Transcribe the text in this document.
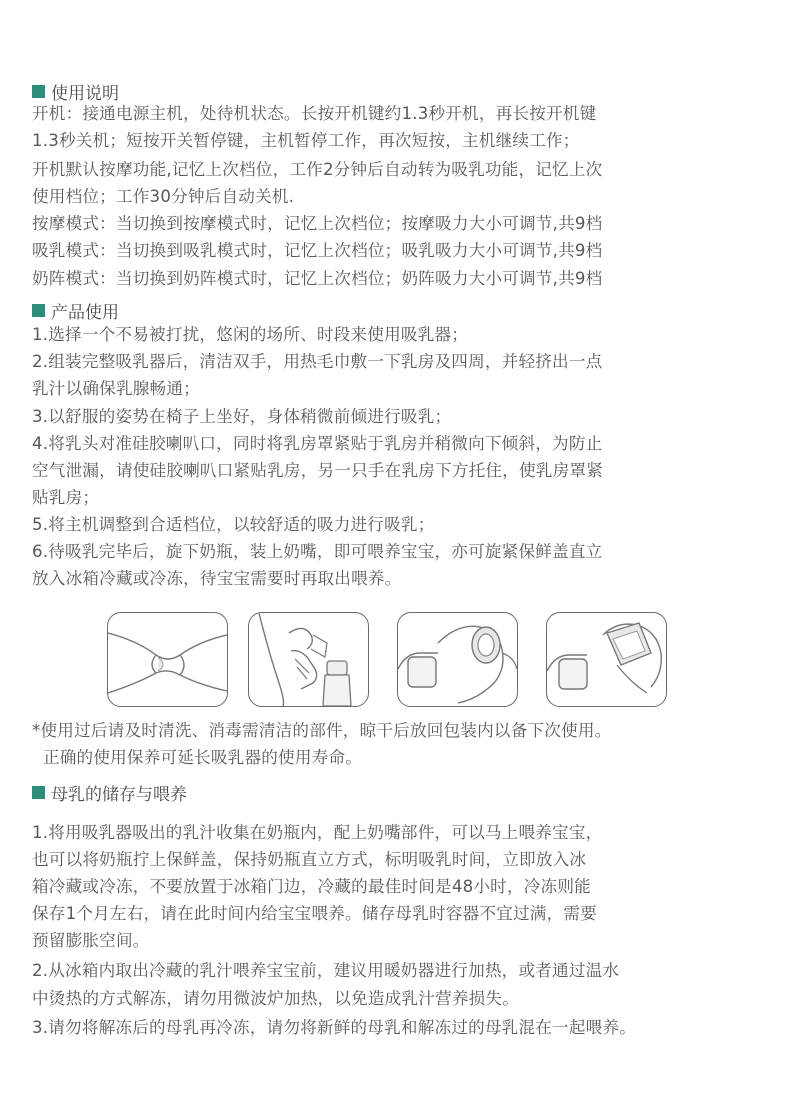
使用说明
开机：接通电源主机，处待机状态。长按开机键约1.3秒开机，再长按开机键
1.3秒关机；短按开关暂停键，主机暂停工作，再次短按，主机继续工作；
开机默认按摩功能,记忆上次档位，工作2分钟后自动转为吸乳功能，记忆上次
使用档位；工作30分钟后自动关机.
按摩模式：当切换到按摩模式时，记忆上次档位；按摩吸力大小可调节,共9档
吸乳模式：当切换到吸乳模式时，记忆上次档位；吸乳吸力大小可调节,共9档
奶阵模式：当切换到奶阵模式时，记忆上次档位；奶阵吸力大小可调节,共9档
产品使用
1.选择一个不易被打扰，悠闲的场所、时段来使用吸乳器；
2.组装完整吸乳器后，清洁双手，用热毛巾敷一下乳房及四周，并轻挤出一点
乳汁以确保乳腺畅通；
3.以舒服的姿势在椅子上坐好，身体稍微前倾进行吸乳；
4.将乳头对准硅胶喇叭口，同时将乳房罩紧贴于乳房并稍微向下倾斜，为防止
空气泄漏，请使硅胶喇叭口紧贴乳房，另一只手在乳房下方托住，使乳房罩紧
贴乳房；
5.将主机调整到合适档位，以较舒适的吸力进行吸乳；
6.待吸乳完毕后，旋下奶瓶，装上奶嘴，即可喂养宝宝，亦可旋紧保鲜盖直立
放入冰箱冷藏或冷冻，待宝宝需要时再取出喂养。
*使用过后请及时清洗、消毒需清洁的部件，晾干后放回包装内以备下次使用。
正确的使用保养可延长吸乳器的使用寿命。
母乳的储存与喂养
1.将用吸乳器吸出的乳汁收集在奶瓶内，配上奶嘴部件，可以马上喂养宝宝，
也可以将奶瓶拧上保鲜盖，保持奶瓶直立方式，标明吸乳时间，立即放入冰
箱冷藏或冷冻，不要放置于冰箱门边，冷藏的最佳时间是48小时，冷冻则能
保存1个月左右，请在此时间内给宝宝喂养。储存母乳时容器不宜过满，需要
预留膨胀空间。
2.从冰箱内取出冷藏的乳汁喂养宝宝前，建议用暖奶器进行加热，或者通过温水
中烫热的方式解冻，请勿用微波炉加热，以免造成乳汁营养损失。
3.请勿将解冻后的母乳再冷冻，请勿将新鲜的母乳和解冻过的母乳混在一起喂养。
